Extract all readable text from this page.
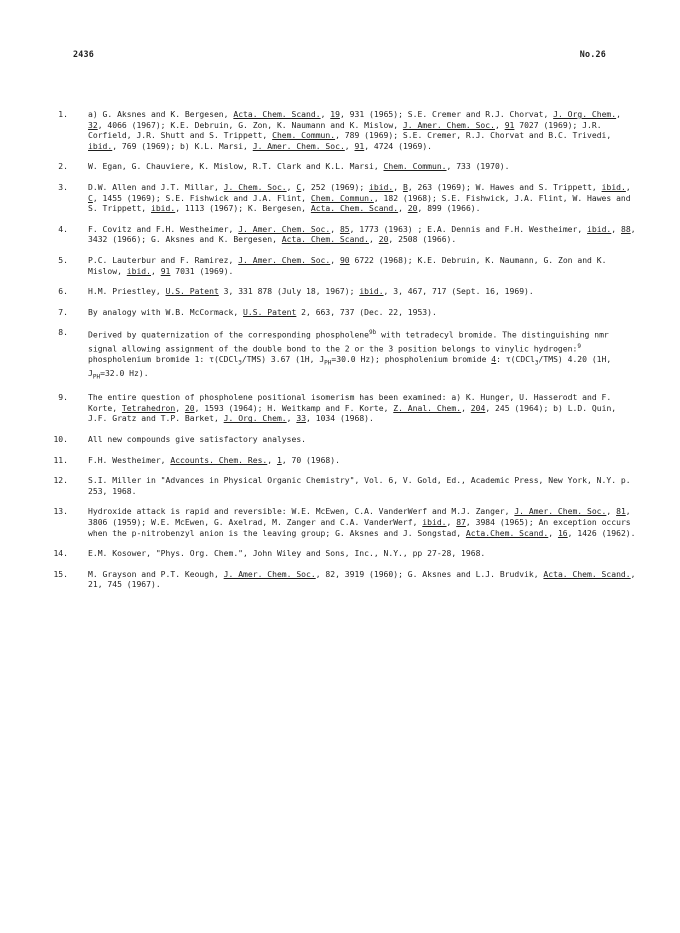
2436	No.26
1. a) G. Aksnes and K. Bergesen, Acta. Chem. Scand., 19, 931 (1965); S.E. Cremer and R.J. Chorvat, J. Org. Chem., 32, 4066 (1967); K.E. Debruin, G. Zon, K. Naumann and K. Mislow, J. Amer. Chem. Soc., 91 7027 (1969); J.R. Corfield, J.R. Shutt and S. Trippett, Chem. Commun., 789 (1969); S.E. Cremer, R.J. Chorvat and B.C. Trivedi, ibid., 769 (1969); b) K.L. Marsi, J. Amer. Chem. Soc., 91, 4724 (1969).
2. W. Egan, G. Chauviere, K. Mislow, R.T. Clark and K.L. Marsi, Chem. Commun., 733 (1970).
3. D.W. Allen and J.T. Millar, J. Chem. Soc., C, 252 (1969); ibid., B, 263 (1969); W. Hawes and S. Trippett, ibid., C, 1455 (1969); S.E. Fishwick and J.A. Flint, Chem. Commun., 182 (1968); S.E. Fishwick, J.A. Flint, W. Hawes and S. Trippett, ibid., 1113 (1967); K. Bergesen, Acta. Chem. Scand., 20, 899 (1966).
4. F. Covitz and F.H. Westheimer, J. Amer. Chem. Soc., 85, 1773 (1963) ; E.A. Dennis and F.H. Westheimer, ibid., 88, 3432 (1966); G. Aksnes and K. Bergesen, Acta. Chem. Scand., 20, 2508 (1966).
5. P.C. Lauterbur and F. Ramirez, J. Amer. Chem. Soc., 90 6722 (1968); K.E. Debruin, K. Naumann, G. Zon and K. Mislow, ibid., 91 7031 (1969).
6. H.M. Priestley, U.S. Patent 3, 331 878 (July 18, 1967); ibid., 3, 467, 717 (Sept. 16, 1969).
7. By analogy with W.B. McCormack, U.S. Patent 2, 663, 737 (Dec. 22, 1953).
8. Derived by quaternization of the corresponding phospholene$^{9b}$ with tetradecyl bromide. The distinguishing nmr signal allowing assignment of the double bond to the 2 or the 3 position belongs to vinylic hydrogen:$^9$ phospholenium bromide 1: τ(CDCl$_3$/TMS) 3.67 (1H, $J_{PH}=30.0$ Hz); phospholenium bromide 4: τ(CDCl$_3$/TMS) 4.20 (1H, $J_{PH}=32.0$ Hz).
9. The entire question of phospholene positional isomerism has been examined: a) K. Hunger, U. Hasserodt and F. Korte, Tetrahedron, 20, 1593 (1964); H. Weitkamp and F. Korte, Z. Anal. Chem., 204, 245 (1964); b) L.D. Quin, J.F. Gratz and T.P. Barket, J. Org. Chem., 33, 1034 (1968).
10. All new compounds give satisfactory analyses.
11. F.H. Westheimer, Accounts. Chem. Res., 1, 70 (1968).
12. S.I. Miller in "Advances in Physical Organic Chemistry", Vol. 6, V. Gold, Ed., Academic Press, New York, N.Y. p. 253, 1968.
13. Hydroxide attack is rapid and reversible: W.E. McEwen, C.A. VanderWerf and M.J. Zanger, J. Amer. Chem. Soc., 81, 3806 (1959); W.E. McEwen, G. Axelrad, M. Zanger and C.A. VanderWerf, ibid., 87, 3984 (1965); An exception occurs when the p-nitrobenzyl anion is the leaving group; G. Aksnes and J. Songstad, Acta.Chem. Scand., 16, 1426 (1962).
14. E.M. Kosower, "Phys. Org. Chem.", John Wiley and Sons, Inc., N.Y., pp 27-28, 1968.
15. M. Grayson and P.T. Keough, J. Amer. Chem. Soc., 82, 3919 (1960); G. Aksnes and L.J. Brudvik, Acta. Chem. Scand., 21, 745 (1967).
